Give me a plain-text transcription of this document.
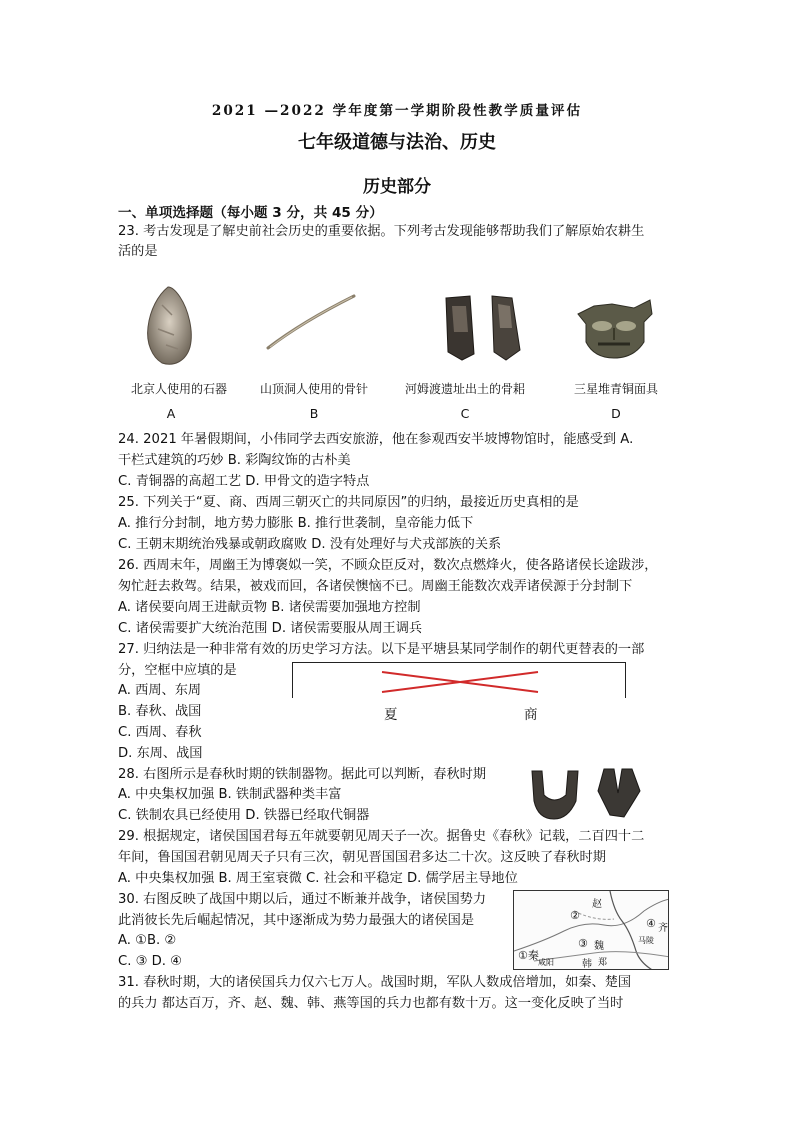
2021 —2022 学年度第一学期阶段性教学质量评估
七年级道德与法治、历史
历史部分
一、单项选择题（每小题 3 分，共 45 分）
23. 考古发现是了解史前社会历史的重要依据。下列考古发现能够帮助我们了解原始农耕生
活的是
北京人使用的石器	山顶洞人使用的骨针	河姆渡遗址出土的骨耜	三星堆青铜面具
A	B	C	D
24. 2021 年暑假期间，小伟同学去西安旅游，他在参观西安半坡博物馆时，能感受到 A.
干栏式建筑的巧妙 B. 彩陶纹饰的古朴美
C. 青铜器的高超工艺 D. 甲骨文的造字特点
25. 下列关于“夏、商、西周三朝灭亡的共同原因”的归纳，最接近历史真相的是
A. 推行分封制，地方势力膨胀 B. 推行世袭制，皇帝能力低下
C. 王朝末期统治残暴或朝政腐败 D. 没有处理好与犬戎部族的关系
26. 西周末年，周幽王为博褒姒一笑，不顾众臣反对，数次点燃烽火，使各路诸侯长途跋涉，
匆忙赶去救驾。结果，被戏而回，各诸侯懊恼不已。周幽王能数次戏弄诸侯源于分封制下
A. 诸侯要向周王进献贡物 B. 诸侯需要加强地方控制
C. 诸侯需要扩大统治范围 D. 诸侯需要服从周王调兵
27. 归纳法是一种非常有效的历史学习方法。以下是平塘县某同学制作的朝代更替表的一部
分，空框中应填的是
A. 西周、东周
B. 春秋、战国
C. 西周、春秋
D. 东周、战国
夏	商
28. 右图所示是春秋时期的铁制器物。据此可以判断，春秋时期
A. 中央集权加强 B. 铁制武器种类丰富
C. 铁制农具已经使用 D. 铁器已经取代铜器
29. 根据规定，诸侯国国君每五年就要朝见周天子一次。据鲁史《春秋》记载，二百四十二
年间，鲁国国君朝见周天子只有三次，朝见晋国国君多达二十次。这反映了春秋时期
A. 中央集权加强 B. 周王室衰微 C. 社会和平稳定 D. 儒学居主导地位
30. 右图反映了战国中期以后，通过不断兼并战争，诸侯国势力
此消彼长先后崛起情况，其中逐渐成为势力最强大的诸侯国是
A. ①B. ②
C. ③ D. ④	①秦
②
③
④
赵
魏
韩 郑
齐
马陵
咸阳
31. 春秋时期，大的诸侯国兵力仅六七万人。战国时期，军队人数成倍增加，如秦、楚国
的兵力 都达百万，齐、赵、魏、韩、燕等国的兵力也都有数十万。这一变化反映了当时
